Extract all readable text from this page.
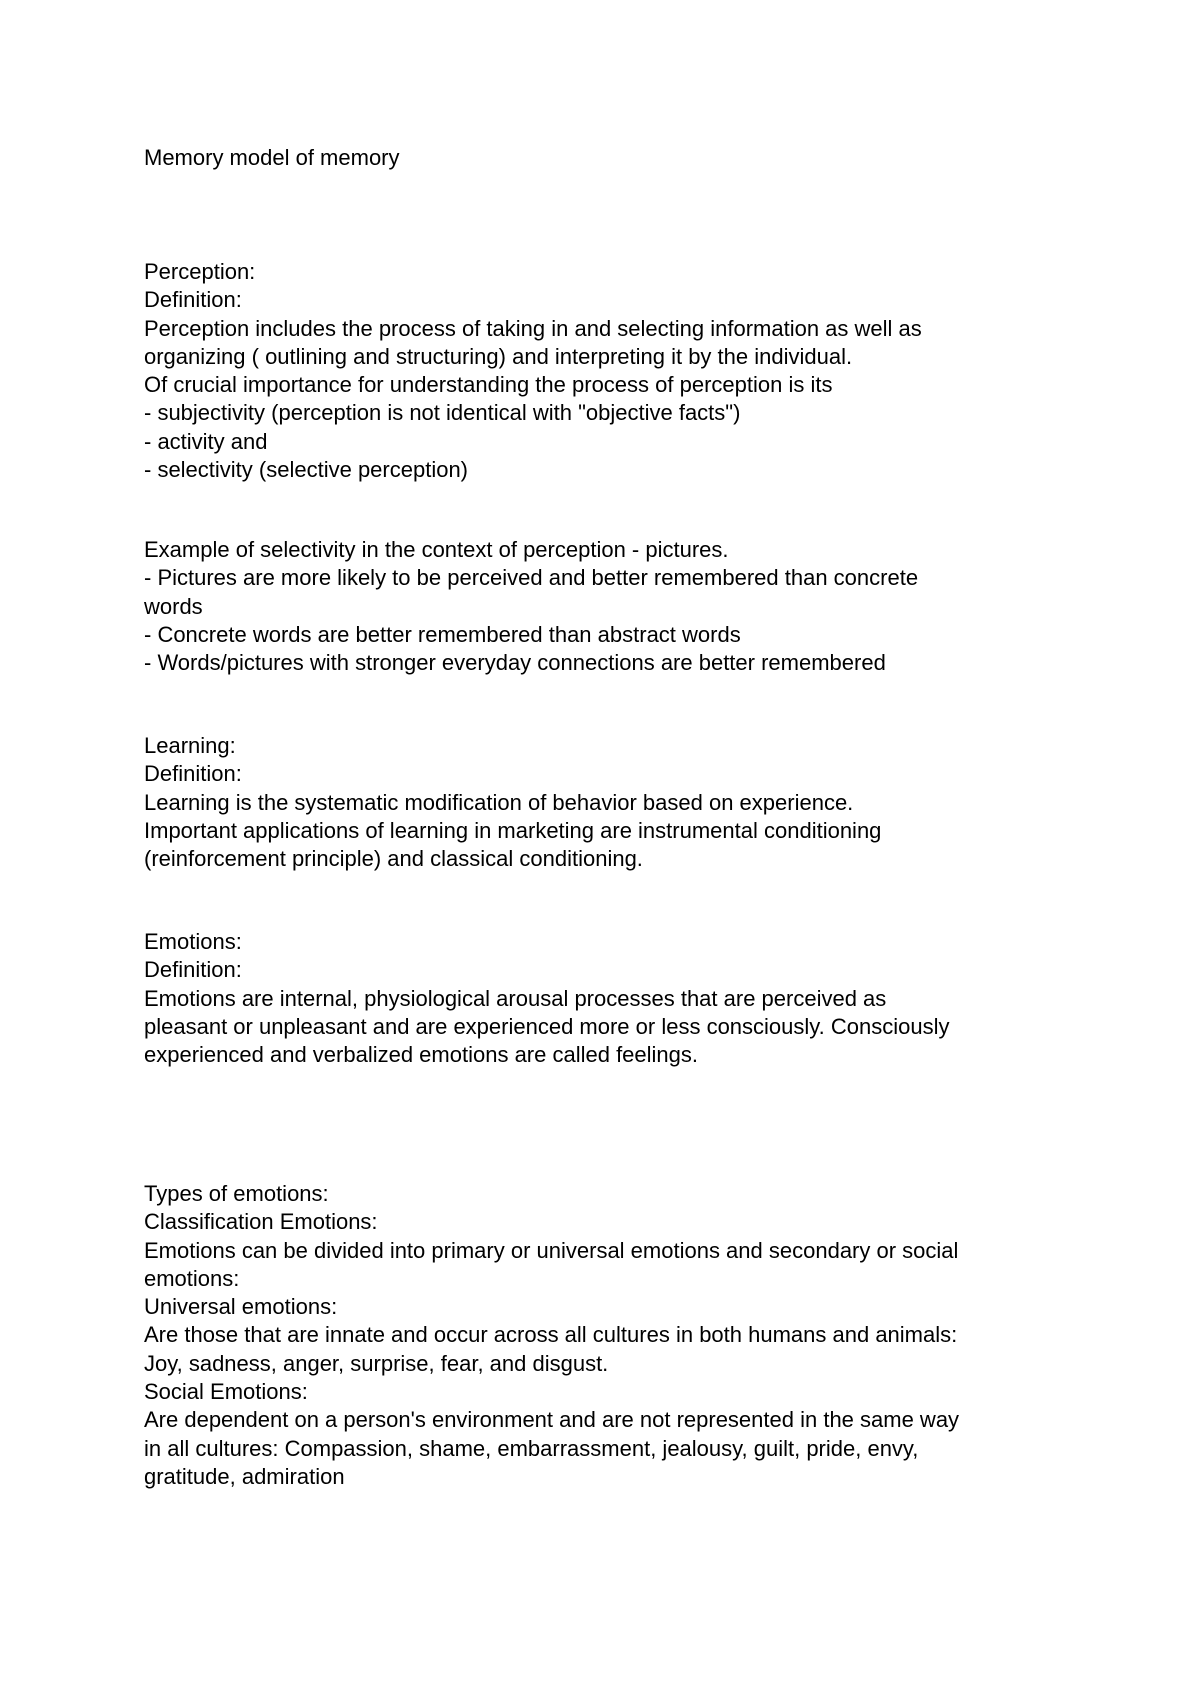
Memory model of memory

Perception:

Definition:

Perception includes the process of taking in and selecting information as well as

organizing ( outlining and structuring) and interpreting it by the individual.

Of crucial importance for understanding the process of perception is its

- subjectivity (perception is not identical with "objective facts")

- activity and

- selectivity (selective perception)

Example of selectivity in the context of perception - pictures.

- Pictures are more likely to be perceived and better remembered than concrete

words

- Concrete words are better remembered than abstract words

- Words/pictures with stronger everyday connections are better remembered

Learning:

Definition:

Learning is the systematic modification of behavior based on experience.

Important applications of learning in marketing are instrumental conditioning

(reinforcement principle) and classical conditioning.

Emotions:

Definition:

Emotions are internal, physiological arousal processes that are perceived as

pleasant or unpleasant and are experienced more or less consciously. Consciously

experienced and verbalized emotions are called feelings.

Types of emotions:

Classification Emotions:

Emotions can be divided into primary or universal emotions and secondary or social

emotions:

Universal emotions:

Are those that are innate and occur across all cultures in both humans and animals:

Joy, sadness, anger, surprise, fear, and disgust.

Social Emotions:

Are dependent on a person's environment and are not represented in the same way

in all cultures: Compassion, shame, embarrassment, jealousy, guilt, pride, envy,

gratitude, admiration
